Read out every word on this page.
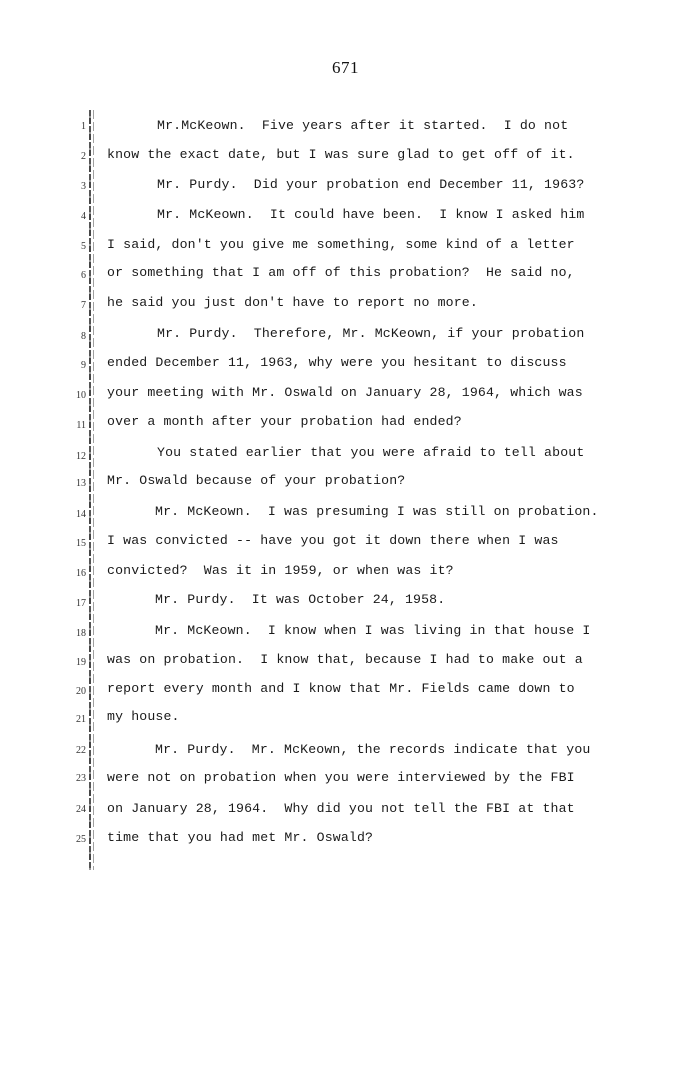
671
1	Mr.McKeown.  Five years after it started.  I do not
2 know the exact date, but I was sure glad to get off of it.
3	Mr. Purdy.  Did your probation end December 11, 1963?
4	Mr. McKeown.  It could have been.  I know I asked him
5 I said, don't you give me something, some kind of a letter
6 or something that I am off of this probation?  He said no,
7 he said you just don't have to report no more.
8	Mr. Purdy.  Therefore, Mr. McKeown, if your probation
9 ended December 11, 1963, why were you hesitant to discuss
10 your meeting with Mr. Oswald on January 28, 1964, which was
11 over a month after your probation had ended?
12	You stated earlier that you were afraid to tell about
13 Mr. Oswald because of your probation?
14	Mr. McKeown.  I was presuming I was still on probation.
15 I was convicted -- have you got it down there when I was
16 convicted?  Was it in 1959, or when was it?
17	Mr. Purdy.  It was October 24, 1958.
18	Mr. McKeown.  I know when I was living in that house I
19 was on probation.  I know that, because I had to make out a
20 report every month and I know that Mr. Fields came down to
21 my house.
22	Mr. Purdy.  Mr. McKeown, the records indicate that you
23 were not on probation when you were interviewed by the FBI
24 on January 28, 1964.  Why did you not tell the FBI at that
25 time that you had met Mr. Oswald?
